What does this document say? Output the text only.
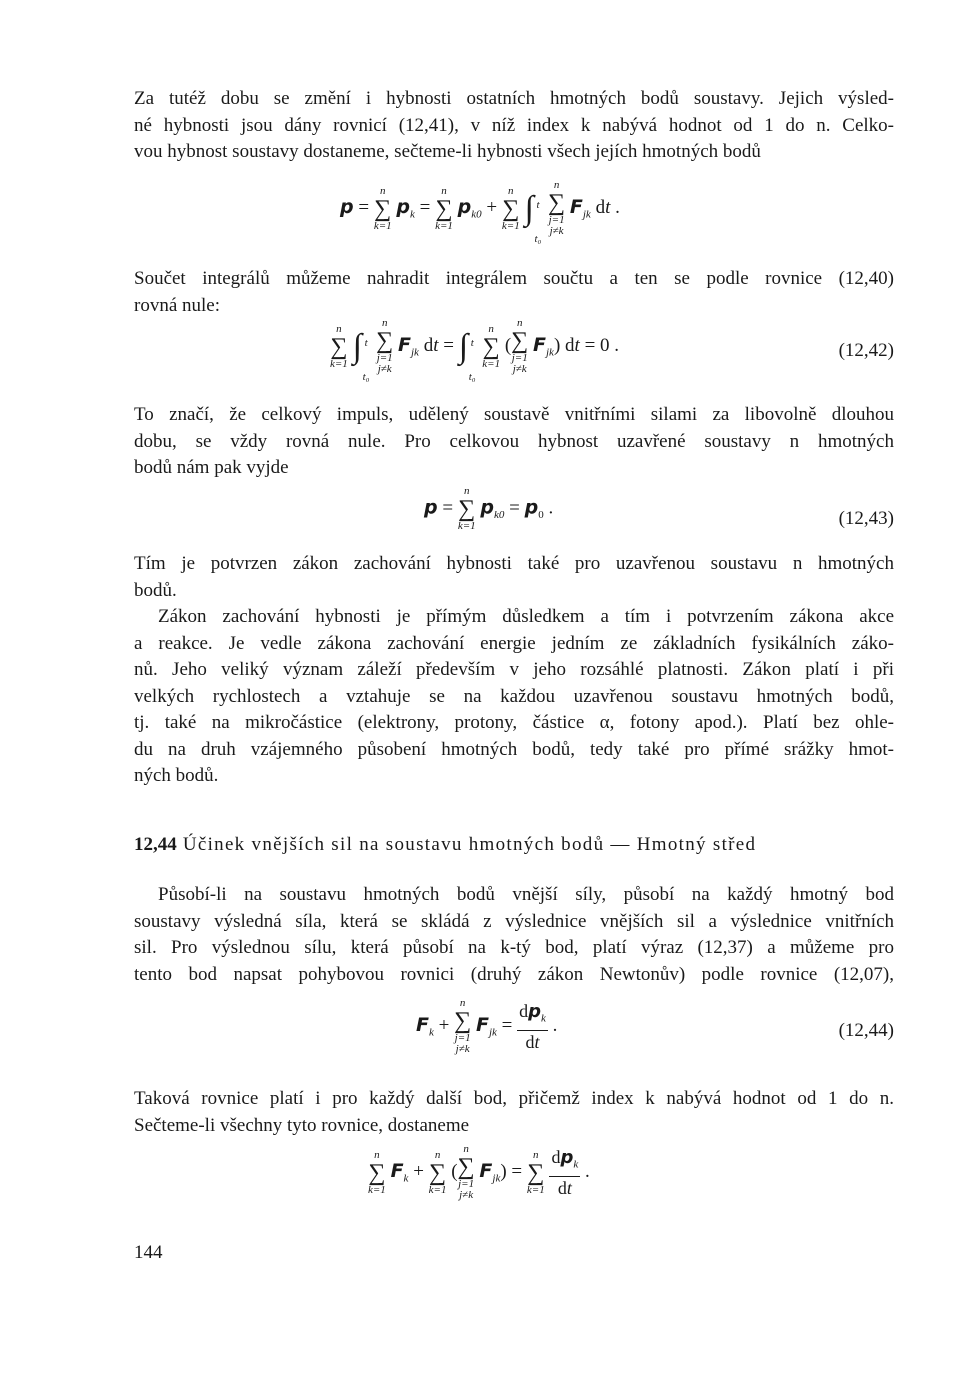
Za tutéž dobu se změní i hybnosti ostatních hmotných bodů soustavy. Jejich výsled-
né hybnosti jsou dány rovnicí (12,41), v níž index k nabývá hodnot od 1 do n. Celko-
vou hybnost soustavy dostaneme, sečteme-li hybnosti všech jejích hmotných bodů

p =
n
∑
k=1
$p_k$ =
n
∑
k=1
$p_{k0}$ +
n
∑
k=1 ∫ t
t₀

n
∑
j=1
j≠k
$F_{jk}$ dt .

Součet integrálů můžeme nahradit integrálem součtu a ten se podle rovnice (12,40)
rovná nule:

n
∑
k=1 ∫ t
t₀

n
∑
j=1
j≠k
$F_{jk}$ dt = ∫ t
t₀

n
∑
k=1
(
n
∑
j=1
j≠k
$F_{jk}$) dt = 0 .	(12,42)

To značí, že celkový impuls, udělený soustavě vnitřními silami za libovolně dlouhou
dobu, se vždy rovná nule. Pro celkovou hybnost uzavřené soustavy n hmotných
bodů nám pak vyjde

p =
n
∑
k=1
$p_{k0} = p_0$ .
(12,43)

Tím je potvrzen zákon zachování hybnosti také pro uzavřenou soustavu n hmotných
bodů.

Zákon zachování hybnosti je přímým důsledkem a tím i potvrzením zákona akce
a reakce. Je vedle zákona zachování energie jedním ze základních fysikálních záko-
nů. Jeho veliký význam záleží především v jeho rozsáhlé platnosti. Zákon platí i při
velkých rychlostech a vztahuje se na každou uzavřenou soustavu hmotných bodů,
tj. také na mikročástice (elektrony, protony, částice α, fotony apod.). Platí bez ohle-
du na druh vzájemného působení hmotných bodů, tedy také pro přímé srážky hmot-
ných bodů.

12,44 Účinek vnějších sil na soustavu hmotných bodů — Hmotný střed

Působí-li na soustavu hmotných bodů vnější síly, působí na každý hmotný bod
soustavy výsledná síla, která se skládá z výslednice vnějších sil a výslednice vnitřních
sil. Pro výslednou sílu, která působí na k-tý bod, platí výraz (12,37) a můžeme pro
tento bod napsat pohybovou rovnici (druhý zákon Newtonův) podle rovnice (12,07),

$F_k$ +
n
∑
j=1
j≠k
$F_{jk} = \frac{dp_k}{dt}$ .	(12,44)

Taková rovnice platí i pro každý další bod, přičemž index k nabývá hodnot od 1 do n.
Sečteme-li všechny tyto rovnice, dostaneme

n
∑
k=1
$F_k$ +
n
∑
k=1
(
n
∑
j=1
j≠k
$F_{jk}$) =
n
∑
k=1
$\frac{dp_k}{dt}$ .
144
